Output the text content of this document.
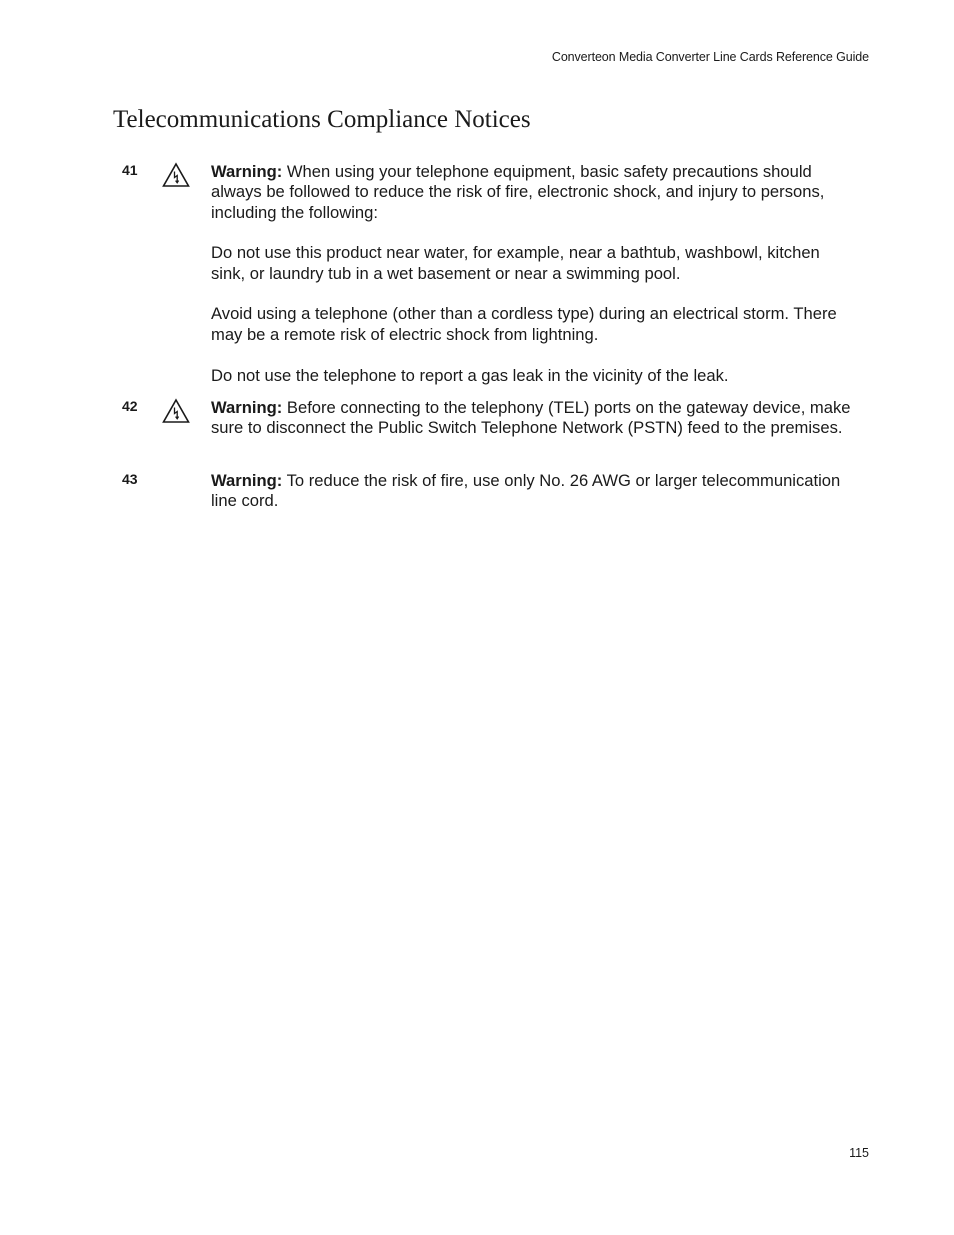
Converteon Media Converter Line Cards Reference Guide
Telecommunications Compliance Notices
41	Warning: When using your telephone equipment, basic safety precautions should always be followed to reduce the risk of fire, electronic shock, and injury to persons, including the following:

Do not use this product near water, for example, near a bathtub, washbowl, kitchen sink, or laundry tub in a wet basement or near a swimming pool.

Avoid using a telephone (other than a cordless type) during an electrical storm. There may be a remote risk of electric shock from lightning.

Do not use the telephone to report a gas leak in the vicinity of the leak.

42	Warning: Before connecting to the telephony (TEL) ports on the gateway device, make sure to disconnect the Public Switch Telephone Network (PSTN) feed to the premises.

43	Warning: To reduce the risk of fire, use only No. 26 AWG or larger telecommunication line cord.

115
